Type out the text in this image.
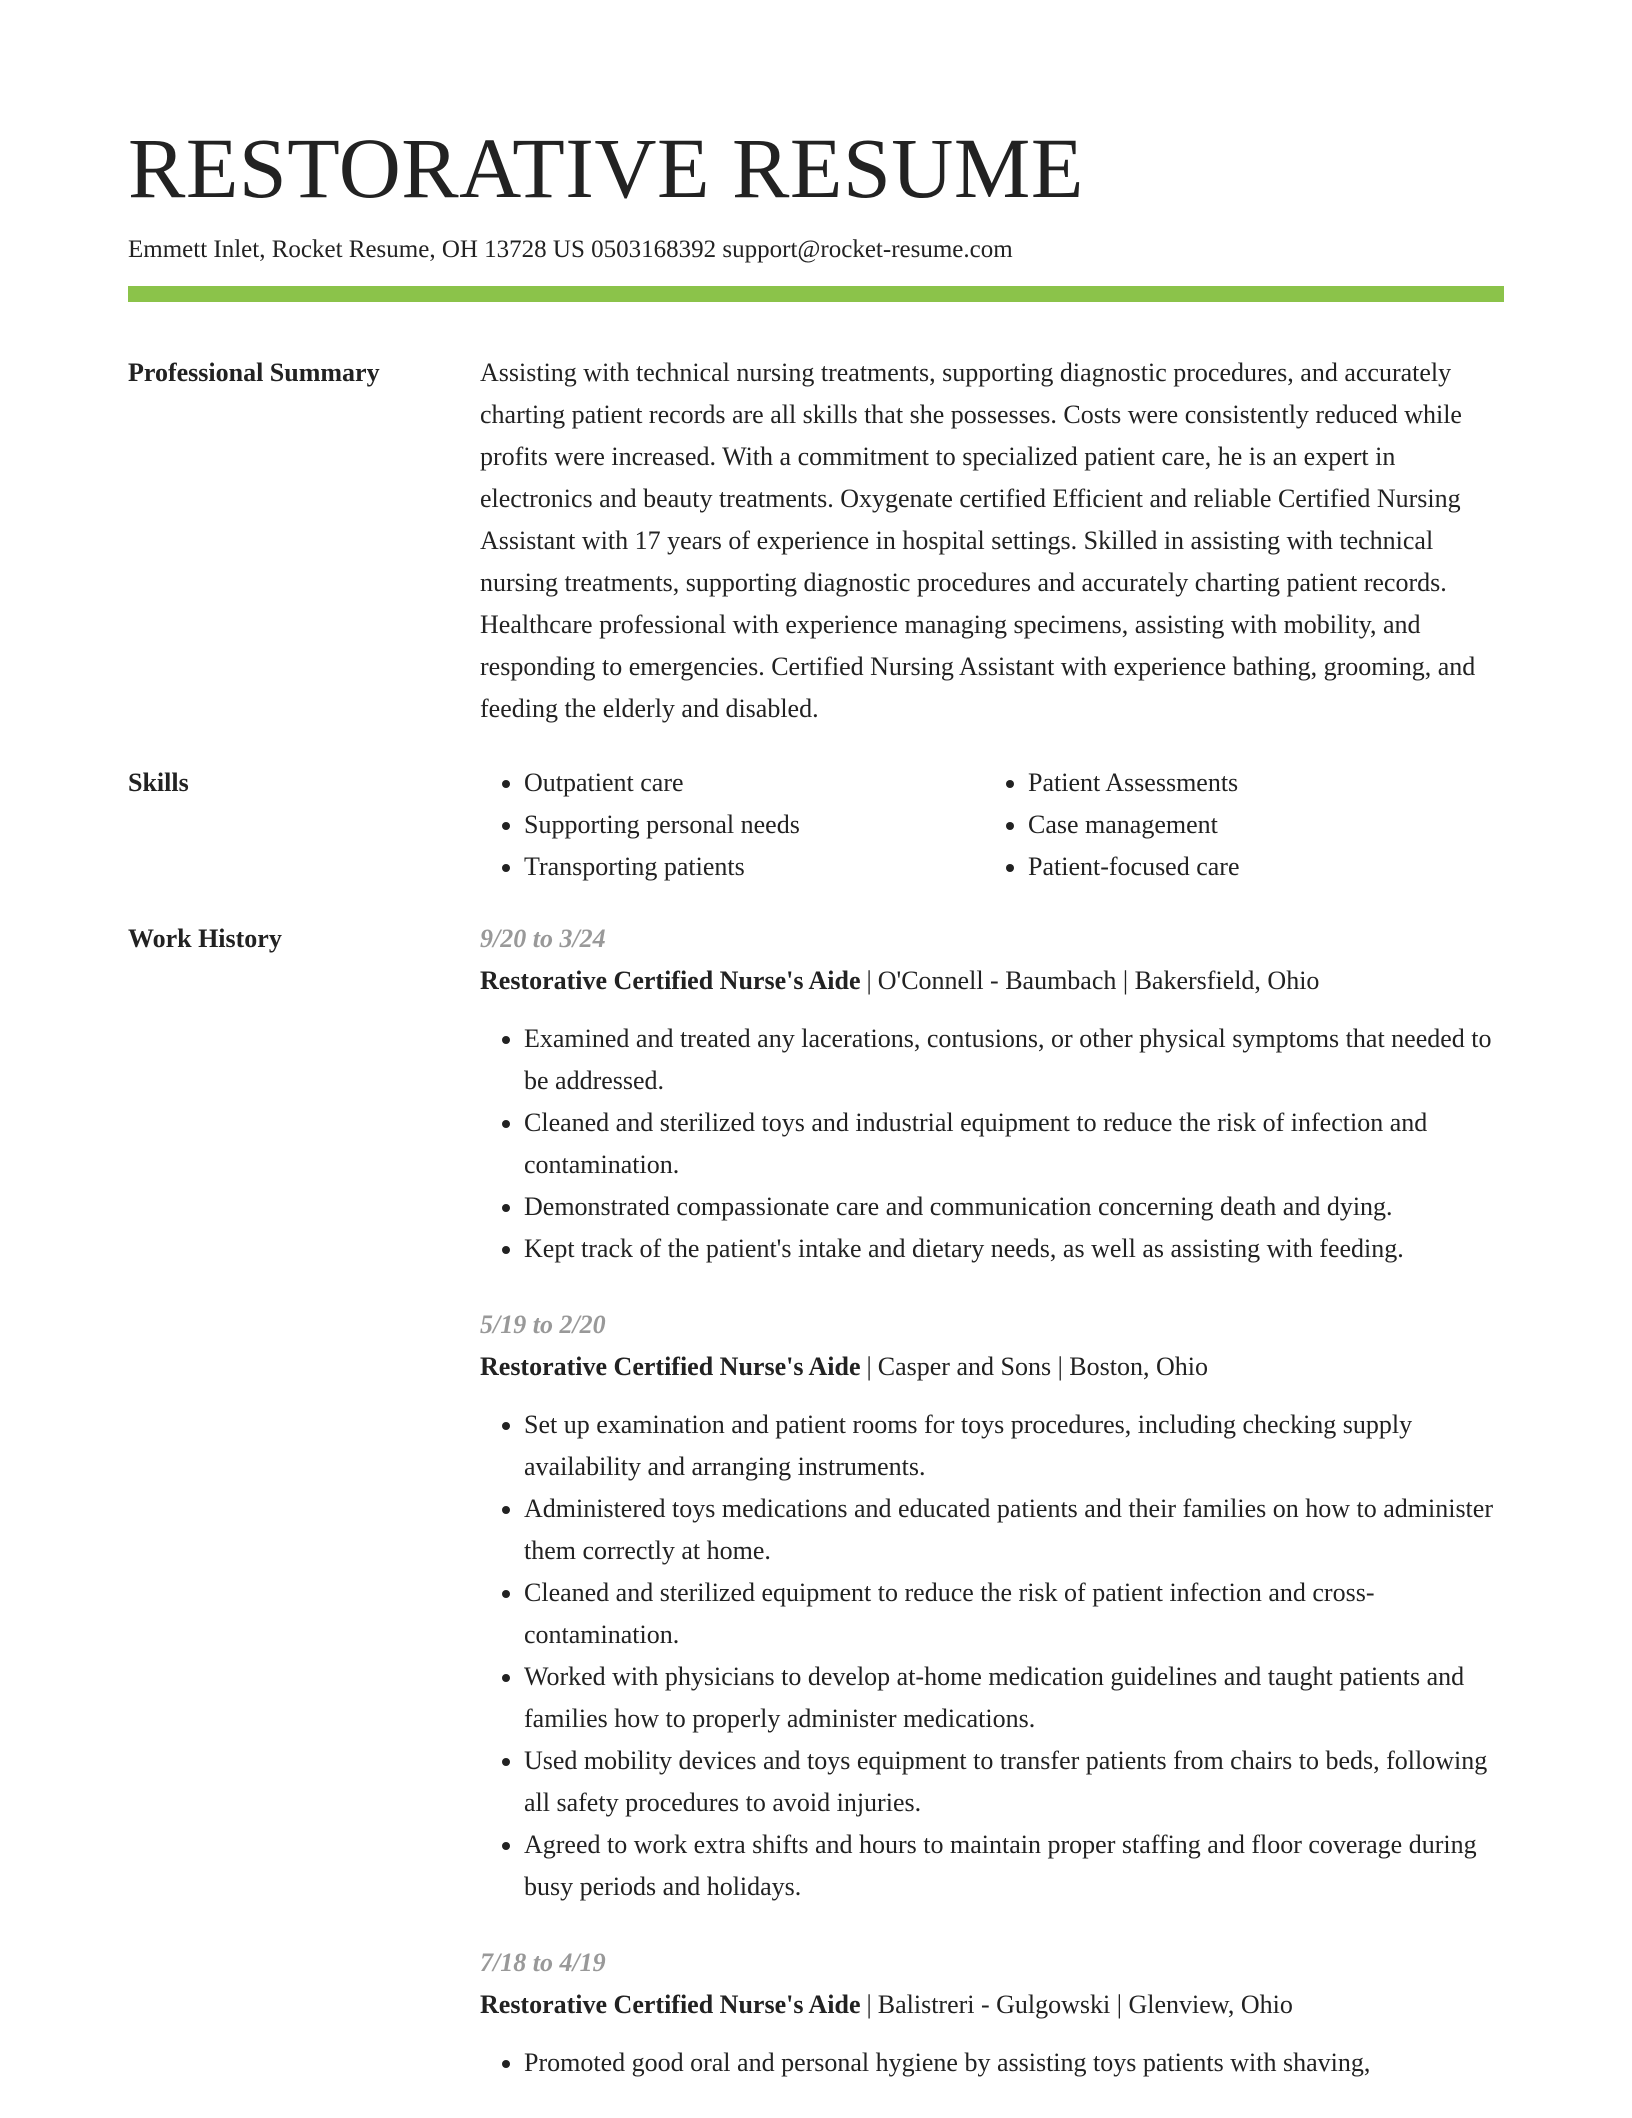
RESTORATIVE RESUME
Emmett Inlet, Rocket Resume, OH 13728 US 0503168392 support@rocket-resume.com
Professional Summary	Assisting with technical nursing treatments, supporting diagnostic procedures, and accurately charting patient records are all skills that she possesses. Costs were consistently reduced while profits were increased. With a commitment to specialized patient care, he is an expert in electronics and beauty treatments. Oxygenate certified Efficient and reliable Certified Nursing Assistant with 17 years of experience in hospital settings. Skilled in assisting with technical nursing treatments, supporting diagnostic procedures and accurately charting patient records. Healthcare professional with experience managing specimens, assisting with mobility, and responding to emergencies. Certified Nursing Assistant with experience bathing, grooming, and feeding the elderly and disabled.

Skills
•	Outpatient care
• Supporting personal needs
• Transporting patients
• Patient Assessments
• Case management
• Patient-focused care
Work History	9/20 to 3/24
Restorative Certified Nurse's Aide | O'Connell - Baumbach | Bakersfield, Ohio
• Examined and treated any lacerations, contusions, or other physical symptoms that needed to be addressed.
• Cleaned and sterilized toys and industrial equipment to reduce the risk of infection and contamination.
• Demonstrated compassionate care and communication concerning death and dying.
• Kept track of the patient's intake and dietary needs, as well as assisting with feeding.
5/19 to 2/20
Restorative Certified Nurse's Aide | Casper and Sons | Boston, Ohio
• Set up examination and patient rooms for toys procedures, including checking supply availability and arranging instruments.
• Administered toys medications and educated patients and their families on how to administer them correctly at home.
• Cleaned and sterilized equipment to reduce the risk of patient infection and cross-contamination.
• Worked with physicians to develop at-home medication guidelines and taught patients and families how to properly administer medications.
• Used mobility devices and toys equipment to transfer patients from chairs to beds, following all safety procedures to avoid injuries.
• Agreed to work extra shifts and hours to maintain proper staffing and floor coverage during busy periods and holidays.
7/18 to 4/19
Restorative Certified Nurse's Aide | Balistreri - Gulgowski | Glenview, Ohio
• Promoted good oral and personal hygiene by assisting toys patients with shaving,
